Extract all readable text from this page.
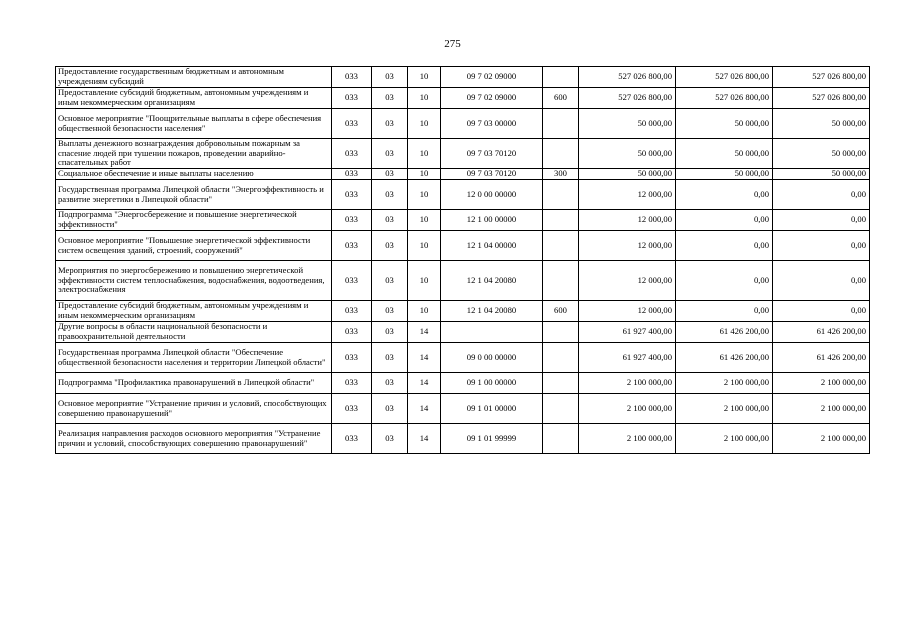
275
Предоставление государственным бюджетным и автономным учреждениям субсидий	033	03	10	09 7 02 09000		527 026 800,00	527 026 800,00	527 026 800,00
Предоставление субсидий бюджетным, автономным учреждениям и иным некоммерческим организациям	033	03	10	09 7 02 09000	600	527 026 800,00	527 026 800,00	527 026 800,00
Основное мероприятие "Поощрительные выплаты в сфере обеспечения общественной безопасности населения"	033	03	10	09 7 03 00000		50 000,00	50 000,00	50 000,00
Выплаты денежного вознаграждения добровольным пожарным за спасение людей при тушении пожаров, проведении аварийно-спасательных работ	033	03	10	09 7 03 70120		50 000,00	50 000,00	50 000,00
Социальное обеспечение и иные выплаты населению	033	03	10	09 7 03 70120	300	50 000,00	50 000,00	50 000,00
Государственная программа Липецкой области "Энергоэффективность и развитие энергетики в Липецкой области"	033	03	10	12 0 00 00000		12 000,00	0,00	0,00
Подпрограмма "Энергосбережение и повышение энергетической эффективности"	033	03	10	12 1 00 00000		12 000,00	0,00	0,00
Основное мероприятие "Повышение энергетической эффективности систем освещения зданий, строений, сооружений"	033	03	10	12 1 04 00000		12 000,00	0,00	0,00
Мероприятия по энергосбережению и повышению энергетической эффективности систем теплоснабжения, водоснабжения, водоотведения, электроснабжения	033	03	10	12 1 04 20080		12 000,00	0,00	0,00
Предоставление субсидий бюджетным, автономным учреждениям и иным некоммерческим организациям	033	03	10	12 1 04 20080	600	12 000,00	0,00	0,00
Другие вопросы в области национальной безопасности и правоохранительной деятельности	033	03	14			61 927 400,00	61 426 200,00	61 426 200,00
Государственная программа Липецкой области "Обеспечение общественной безопасности населения и территории Липецкой области"	033	03	14	09 0 00 00000		61 927 400,00	61 426 200,00	61 426 200,00
Подпрограмма "Профилактика правонарушений в Липецкой области"	033	03	14	09 1 00 00000		2 100 000,00	2 100 000,00	2 100 000,00
Основное мероприятие "Устранение причин и условий, способствующих совершению правонарушений"	033	03	14	09 1 01 00000		2 100 000,00	2 100 000,00	2 100 000,00
Реализация направления расходов основного мероприятия "Устранение причин и условий, способствующих совершению правонарушений"	033	03	14	09 1 01 99999		2 100 000,00	2 100 000,00	2 100 000,00
